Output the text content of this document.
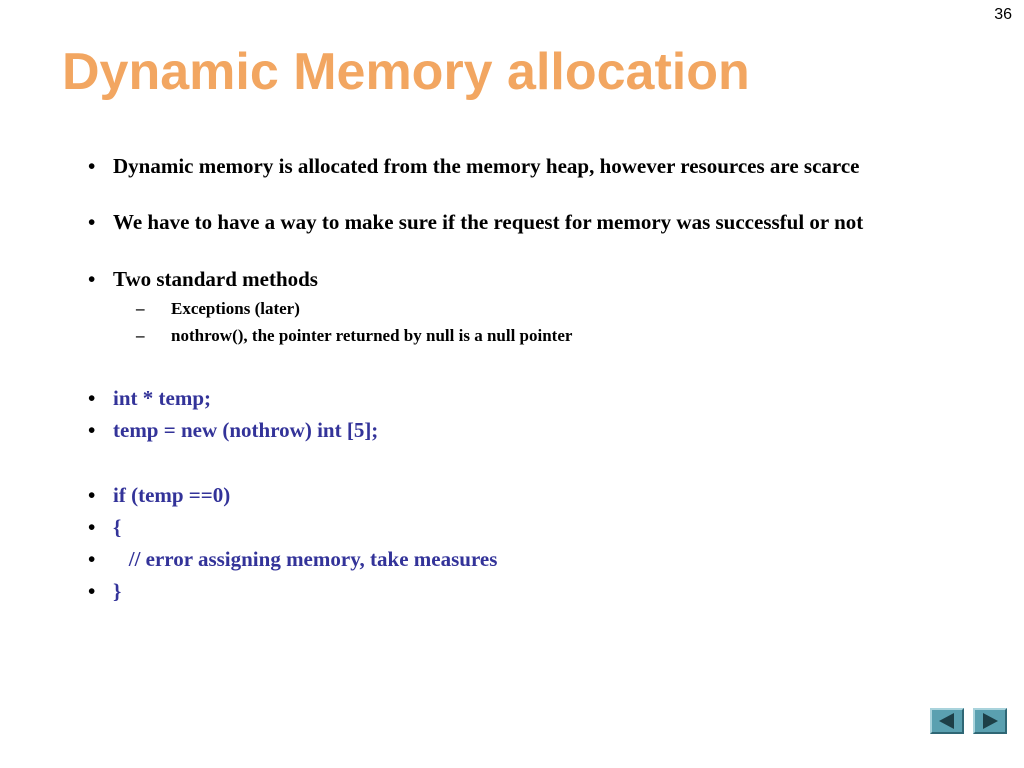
36
Dynamic Memory allocation
• Dynamic memory is allocated from the memory heap, however resources are scarce
• We have to have a way to make sure if the request for memory was successful or not
• Two standard methods
– Exceptions (later)
– nothrow(), the pointer returned by null is a null pointer
• int * temp;
• temp = new (nothrow) int [5];
• if (temp ==0)
• {
• // error assigning memory, take measures
• }
